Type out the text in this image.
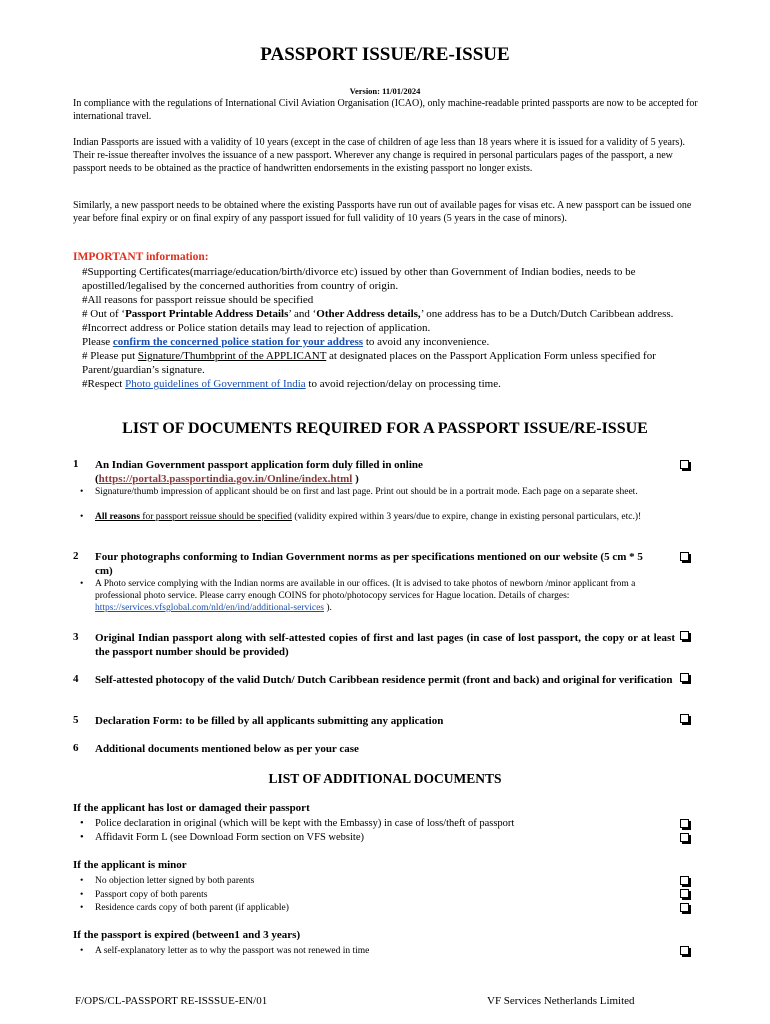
PASSPORT ISSUE/RE-ISSUE
Version: 11/01/2024
In compliance with the regulations of International Civil Aviation Organisation (ICAO), only machine-readable printed passports are now to be accepted for international travel.
Indian Passports are issued with a validity of 10 years (except in the case of children of age less than 18 years where it is issued for a validity of 5 years). Their re-issue thereafter involves the issuance of a new passport. Wherever any change is required in personal particulars pages of the passport, a new passport needs to be obtained as the practice of handwritten endorsements in the existing passport no longer exists.
Similarly, a new passport needs to be obtained where the existing Passports have run out of available pages for visas etc. A new passport can be issued one year before final expiry or on final expiry of any passport issued for full validity of 10 years (5 years in the case of minors).
IMPORTANT information:
#Supporting Certificates(marriage/education/birth/divorce etc) issued by other than Government of Indian bodies, needs to be apostilled/legalised by the concerned authorities from country of origin.
#All reasons for passport reissue should be specified
# Out of ‘Passport Printable Address Details’ and ‘Other Address details,’ one address has to be a Dutch/Dutch Caribbean address.
#Incorrect address or Police station details may lead to rejection of application.
Please confirm the concerned police station for your address to avoid any inconvenience.
# Please put Signature/Thumbprint of the APPLICANT at designated places on the Passport Application Form unless specified for Parent/guardian’s signature.
#Respect Photo guidelines of Government of India to avoid rejection/delay on processing time.
LIST OF DOCUMENTS REQUIRED FOR A PASSPORT ISSUE/RE-ISSUE
1 An Indian Government passport application form duly filled in online
(https://portal3.passportindia.gov.in/Online/index.html )
• Signature/thumb impression of applicant should be on first and last page. Print out should be in a portrait mode. Each page on a separate sheet.
• All reasons for passport reissue should be specified (validity expired within 3 years/due to expire, change in existing personal particulars, etc.)!
2 Four photographs conforming to Indian Government norms as per specifications mentioned on our website (5 cm * 5 cm)
• A Photo service complying with the Indian norms are available in our offices. (It is advised to take photos of newborn /minor applicant from a professional photo service. Please carry enough COINS for photo/photocopy services for Hague location. Details of charges: https://services.vfsglobal.com/nld/en/ind/additional-services ).
3 Original Indian passport along with self-attested copies of first and last pages (in case of lost passport, the copy or at least the passport number should be provided)
4 Self-attested photocopy of the valid Dutch/ Dutch Caribbean residence permit (front and back) and original for verification
5 Declaration Form: to be filled by all applicants submitting any application
6 Additional documents mentioned below as per your case
LIST OF ADDITIONAL DOCUMENTS
If the applicant has lost or damaged their passport
• Police declaration in original (which will be kept with the Embassy) in case of loss/theft of passport
• Affidavit Form L (see Download Form section on VFS website)
If the applicant is minor
• No objection letter signed by both parents
• Passport copy of both parents
• Residence cards copy of both parent (if applicable)
If the passport is expired (between1 and 3 years)
• A self-explanatory letter as to why the passport was not renewed in time
F/OPS/CL-PASSPORT RE-ISSSUE-EN/01	VF Services Netherlands Limited
